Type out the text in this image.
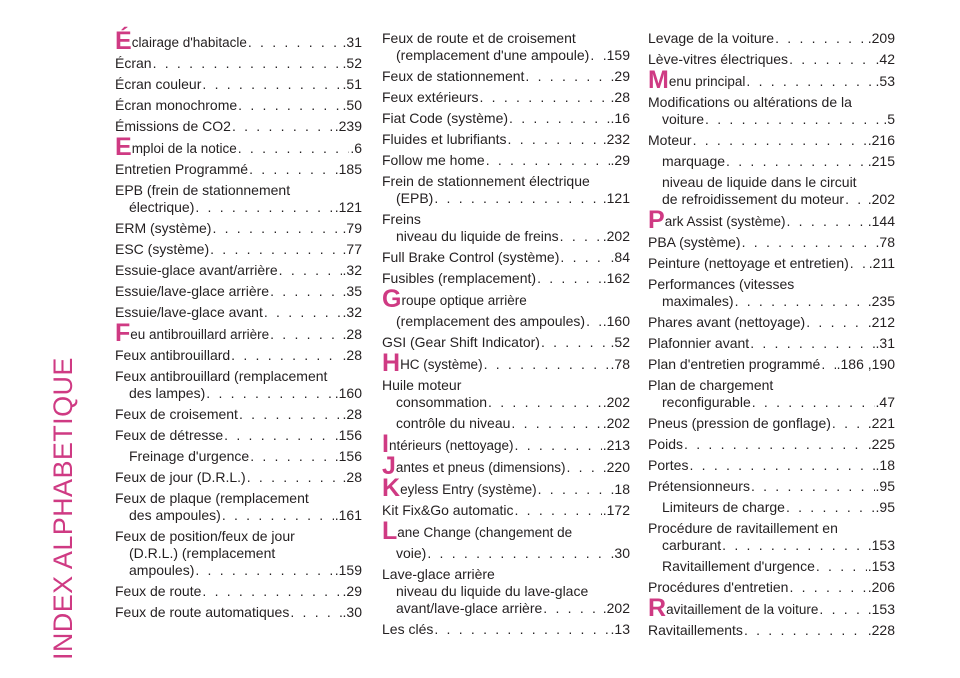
INDEX ALPHABETIQUE
Éclairage d'habitacle . . .	.31
Écran . . .	.52
Écran couleur . . .	.51
Écran monochrome . . .	.50
Émissions de CO2 . . .	.239
Emploi de la notice . . .	.6
Entretien Programmé . . .	.185
EPB (frein de stationnement
électrique) . . .	.121
ERM (système) . . .	.79
ESC (système) . . .	.77
Essuie-glace avant/arrière . . .	.32
Essuie/lave-glace arrière . . .	.35
Essuie/lave-glace avant . . .	.32
Feu antibrouillard arrière . . .	.28
Feux antibrouillard . . .	.28
Feux antibrouillard (remplacement
des lampes) . . .	.160
Feux de croisement . . .	.28
Feux de détresse . . .	.156
Freinage d'urgence . . .	.156
Feux de jour (D.R.L.) . . .	.28
Feux de plaque (remplacement
des ampoules) . . .	.161
Feux de position/feux de jour
(D.R.L.) (remplacement
ampoules) . . .	.159
Feux de route . . .	.29
Feux de route automatiques . . .	.30
Feux de route et de croisement
(remplacement d'une ampoule) . . . .159
Feux de stationnement . . .	.29
Feux extérieurs . . .	.28
Fiat Code (système) . . .	.16
Fluides et lubrifiants . . .	.232
Follow me home . . .	.29
Frein de stationnement électrique
(EPB) . . .	.121
Freins
niveau du liquide de freins . . .	.202
Full Brake Control (système) . . .	.84
Fusibles (remplacement) . . .	.162
Groupe optique arrière
(remplacement des ampoules) . . . .160
GSI (Gear Shift Indicator) . . .	.52
HHC (système) . . .	.78
Huile moteur
consommation . . .	.202
contrôle du niveau . . .	.202
Intérieurs (nettoyage) . . .	.213
Jantes et pneus (dimensions) . . .	.220
Keyless Entry (système) . . .	.18
Kit Fix&Go automatic . . .	.172
Lane Change (changement de
voie) . . .	.30
Lave-glace arrière
niveau du liquide du lave-glace
avant/lave-glace arrière . . .	.202
Les clés . . .	.13
Levage de la voiture . . .	.209
Lève-vitres électriques . . .	.42
Menu principal . . .	.53
Modifications ou altérations de la
voiture . . .	.5
Moteur . . .	.216
marquage . . .	.215
niveau de liquide dans le circuit
de refroidissement du moteur . . . .202
Park Assist (système) . . .	.144
PBA (système) . . .	.78
Peinture (nettoyage et entretien) . . . .211
Performances (vitesses
maximales) . . .	.235
Phares avant (nettoyage) . . .	.212
Plafonnier avant . . .	.31
Plan d'entretien programmé . . . .186 ,190
Plan de chargement
reconfigurable . . .	.47
Pneus (pression de gonflage) . . .	.221
Poids . . .	.225
Portes . . .	.18
Prétensionneurs . . .	.95
Limiteurs de charge . . .	.95
Procédure de ravitaillement en
carburant . . .	.153
Ravitaillement d'urgence . . .	.153
Procédures d'entretien . . .	.206
Ravitaillement de la voiture . . .	.153
Ravitaillements . . .	.228
